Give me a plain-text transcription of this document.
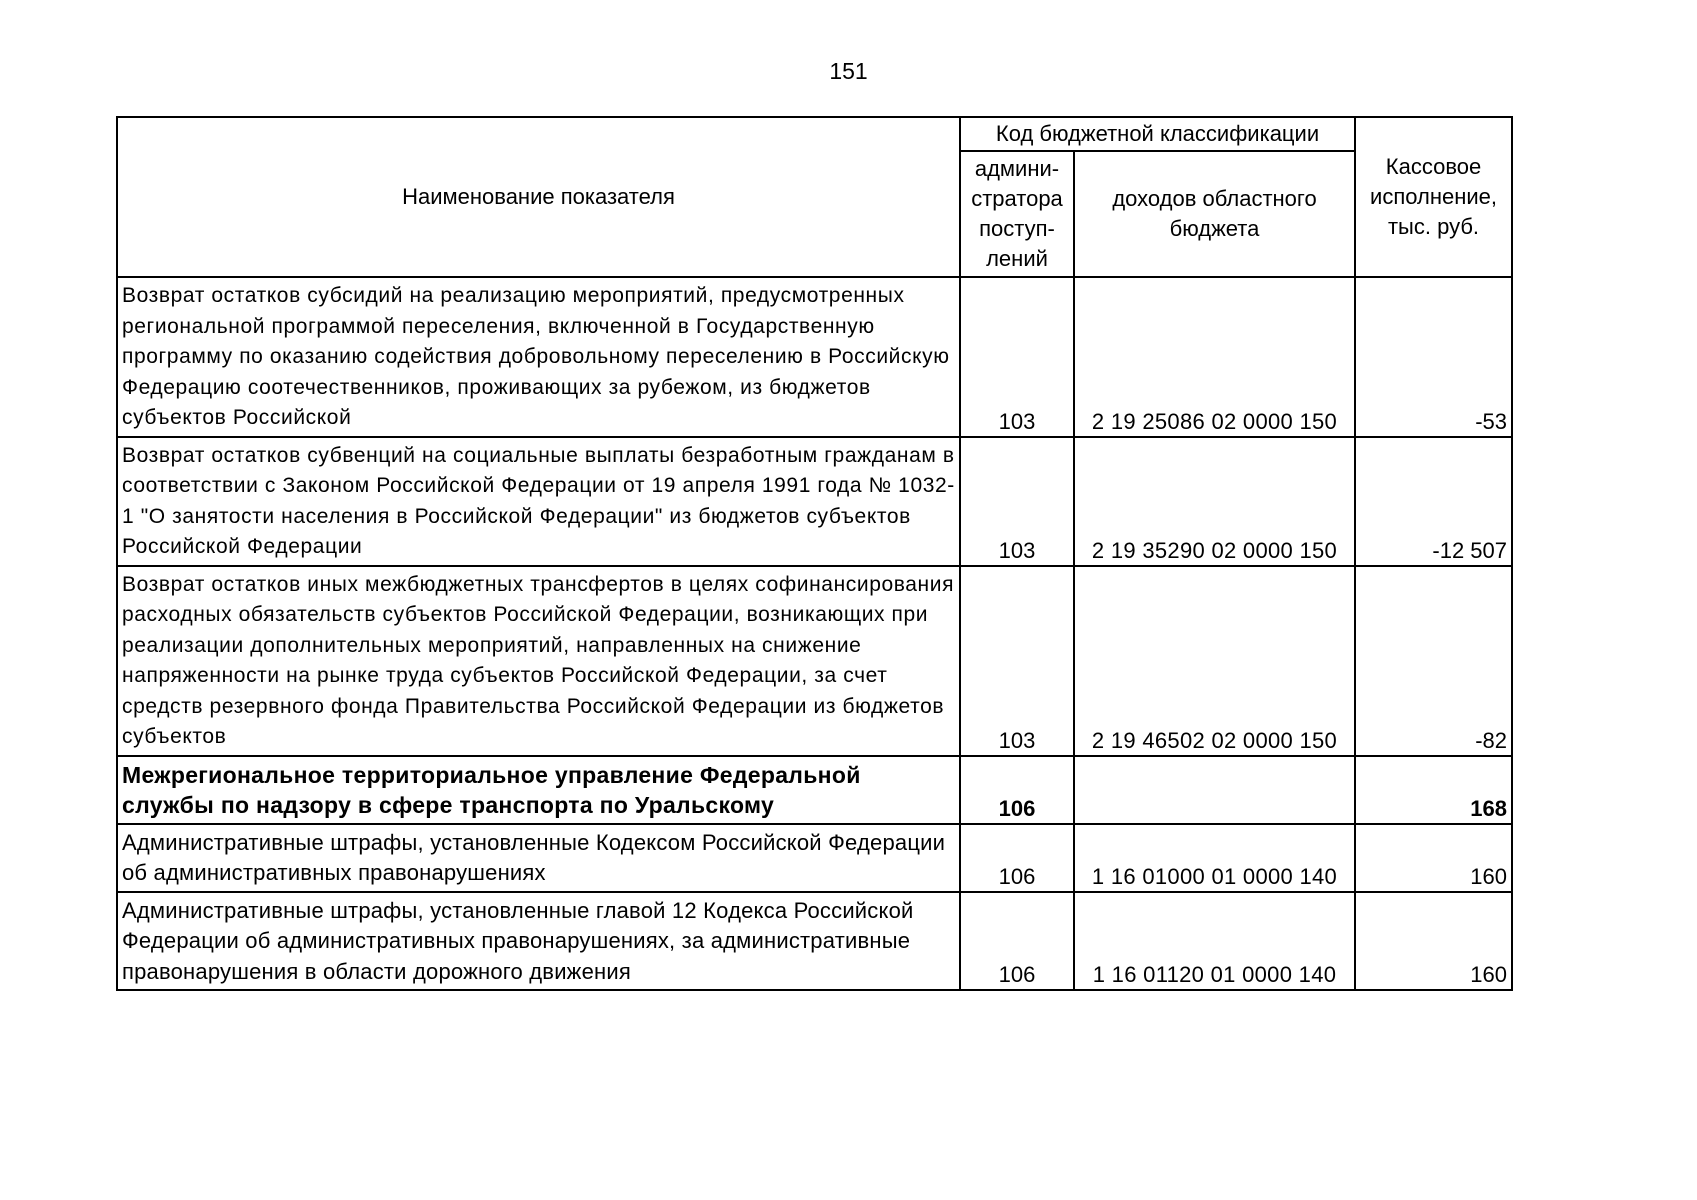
151
Наименование показателя	Код бюджетной классификации		Кассовое исполнение, тыс. руб.
	админи-стратора поступ-лений	доходов областного бюджета	
Возврат остатков субсидий на реализацию мероприятий, предусмотренных региональной программой переселения, включенной в Государственную программу по оказанию содействия добровольному переселению в Российскую Федерацию соотечественников, проживающих за рубежом, из бюджетов субъектов Российской	103	2 19 25086 02 0000 150	-53
Возврат остатков субвенций на социальные выплаты безработным гражданам в соответствии с Законом Российской Федерации от 19 апреля 1991 года № 1032-1 "О занятости населения в Российской Федерации" из бюджетов субъектов Российской Федерации	103	2 19 35290 02 0000 150	-12 507
Возврат остатков иных межбюджетных трансфертов в целях софинансирования расходных обязательств субъектов Российской Федерации, возникающих при реализации дополнительных мероприятий, направленных на снижение напряженности на рынке труда субъектов Российской Федерации, за счет средств резервного фонда Правительства Российской Федерации из бюджетов субъектов	103	2 19 46502 02 0000 150	-82
Межрегиональное территориальное управление Федеральной службы по надзору в сфере транспорта по Уральскому	106		168
Административные штрафы, установленные Кодексом Российской Федерации об административных правонарушениях	106	1 16 01000 01 0000 140	160
Административные штрафы, установленные главой 12 Кодекса Российской Федерации об административных правонарушениях, за административные правонарушения в области дорожного движения	106	1 16 01120 01 0000 140	160
